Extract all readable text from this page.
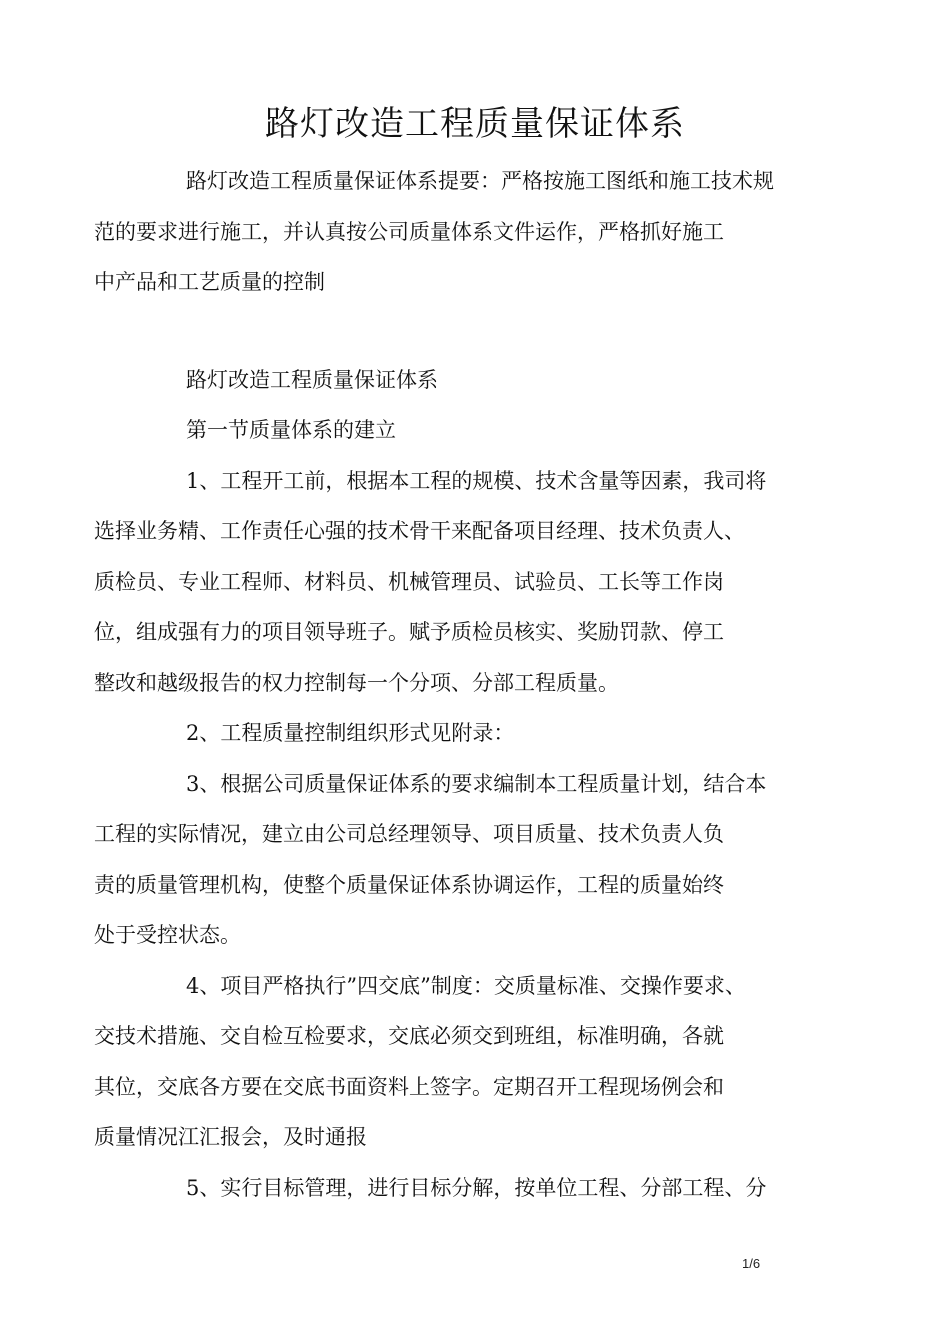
路灯改造工程质量保证体系

路灯改造工程质量保证体系提要：严格按施工图纸和施工技术规
范的要求进行施工，并认真按公司质量体系文件运作，严格抓好施工
中产品和工艺质量的控制

路灯改造工程质量保证体系

第一节质量体系的建立

1、工程开工前，根据本工程的规模、技术含量等因素，我司将
选择业务精、工作责任心强的技术骨干来配备项目经理、技术负责人、
质检员、专业工程师、材料员、机械管理员、试验员、工长等工作岗
位，组成强有力的项目领导班子。赋予质检员核实、奖励罚款、停工
整改和越级报告的权力控制每一个分项、分部工程质量。

2、工程质量控制组织形式见附录：

3、根据公司质量保证体系的要求编制本工程质量计划，结合本
工程的实际情况，建立由公司总经理领导、项目质量、技术负责人负
责的质量管理机构，使整个质量保证体系协调运作，工程的质量始终
处于受控状态。

4、项目严格执行”四交底”制度：交质量标准、交操作要求、
交技术措施、交自检互检要求，交底必须交到班组，标准明确，各就
其位，交底各方要在交底书面资料上签字。定期召开工程现场例会和
质量情况江汇报会，及时通报

5、实行目标管理，进行目标分解，按单位工程、分部工程、分

1/6
